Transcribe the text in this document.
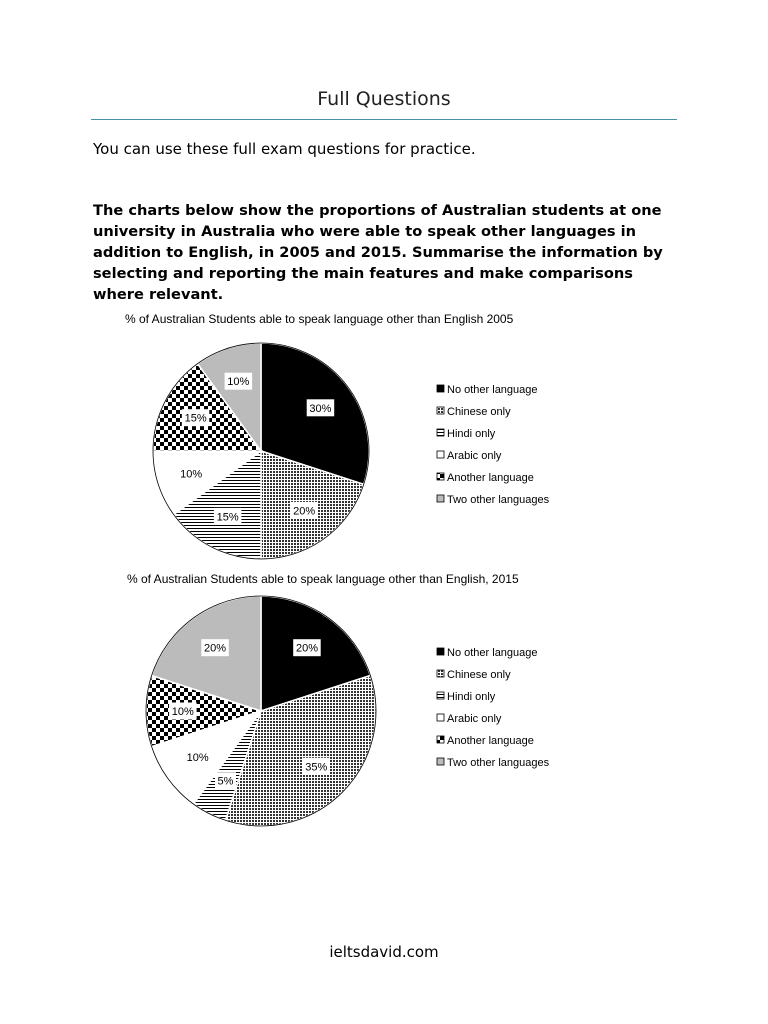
Full Questions

You can use these full exam questions for practice.

The charts below show the proportions of Australian students at one university in Australia who were able to speak other languages in addition to English, in 2005 and 2015. Summarise the information by selecting and reporting the main features and make comparisons where relevant.

% of Australian Students able to speak language other than English 2005
30%
20%
15%
10%
15%
10%
No other language
Chinese only
Hindi only
Arabic only
Another language
Two other languages
% of Australian Students able to speak language other than English, 2015
20%
35%
5%
10%
10%
20%	No other language
Chinese only
Hindi only
Arabic only
Another language
Two other languages
ieltsdavid.com
